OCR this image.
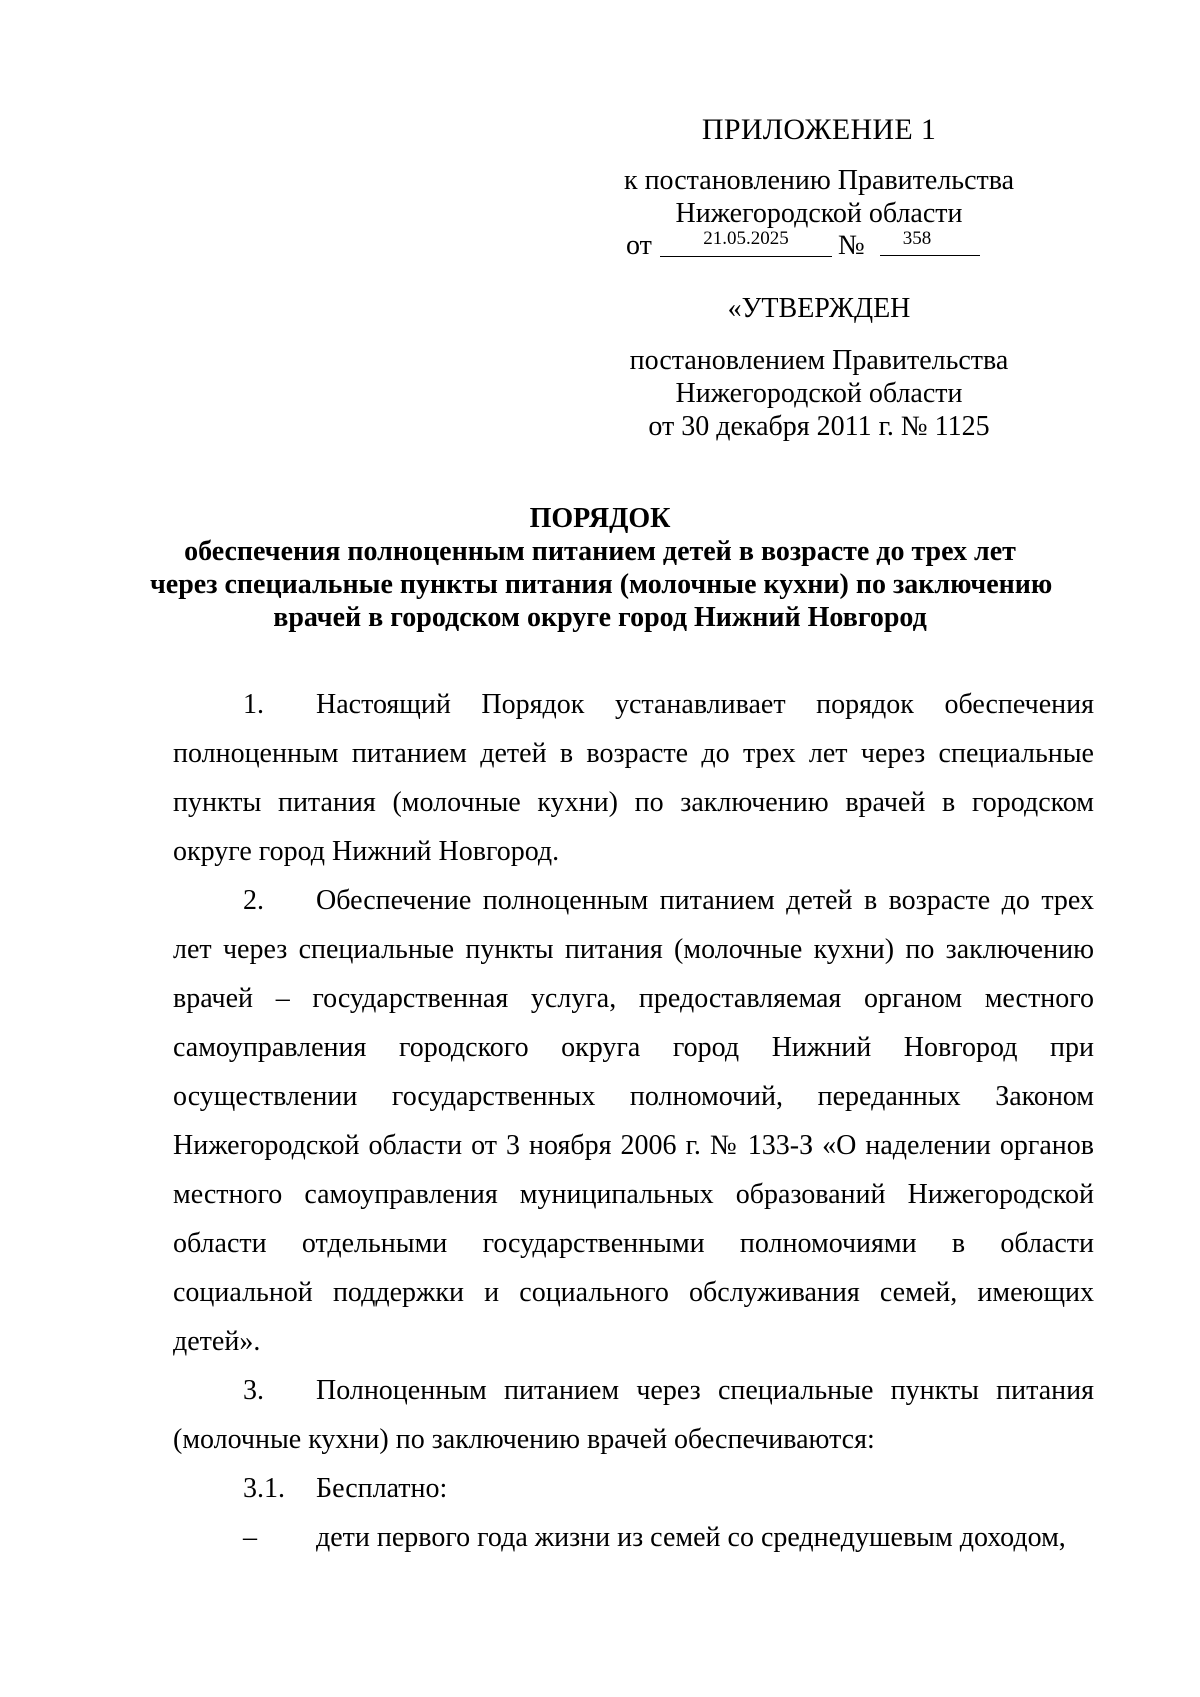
ПРИЛОЖЕНИЕ 1
к постановлению Правительства
Нижегородской области
от	21.05.2025	№	358
«УТВЕРЖДЕН
постановлением Правительства
Нижегородской области
от 30 декабря 2011 г. № 1125
ПОРЯДОК
обеспечения полноценным питанием детей в возрасте до трех лет
через специальные пункты питания (молочные кухни) по заключению
врачей в городском округе город Нижний Новгород
1. Настоящий Порядок устанавливает порядок обеспечения
полноценным питанием детей в возрасте до трех лет через специальные
пункты питания (молочные кухни) по заключению врачей в городском
округе город Нижний Новгород.
2. Обеспечение полноценным питанием детей в возрасте до трех
лет через специальные пункты питания (молочные кухни) по заключению
врачей – государственная услуга, предоставляемая органом местного
самоуправления городского округа город Нижний Новгород при
осуществлении государственных полномочий, переданных Законом
Нижегородской области от 3 ноября 2006 г. № 133-З «О наделении органов
местного самоуправления муниципальных образований Нижегородской
области отдельными государственными полномочиями в области
социальной поддержки и социального обслуживания семей, имеющих
детей».
3. Полноценным питанием через специальные пункты питания
(молочные кухни) по заключению врачей обеспечиваются:
3.1. Бесплатно:
– дети первого года жизни из семей со среднедушевым доходом,
